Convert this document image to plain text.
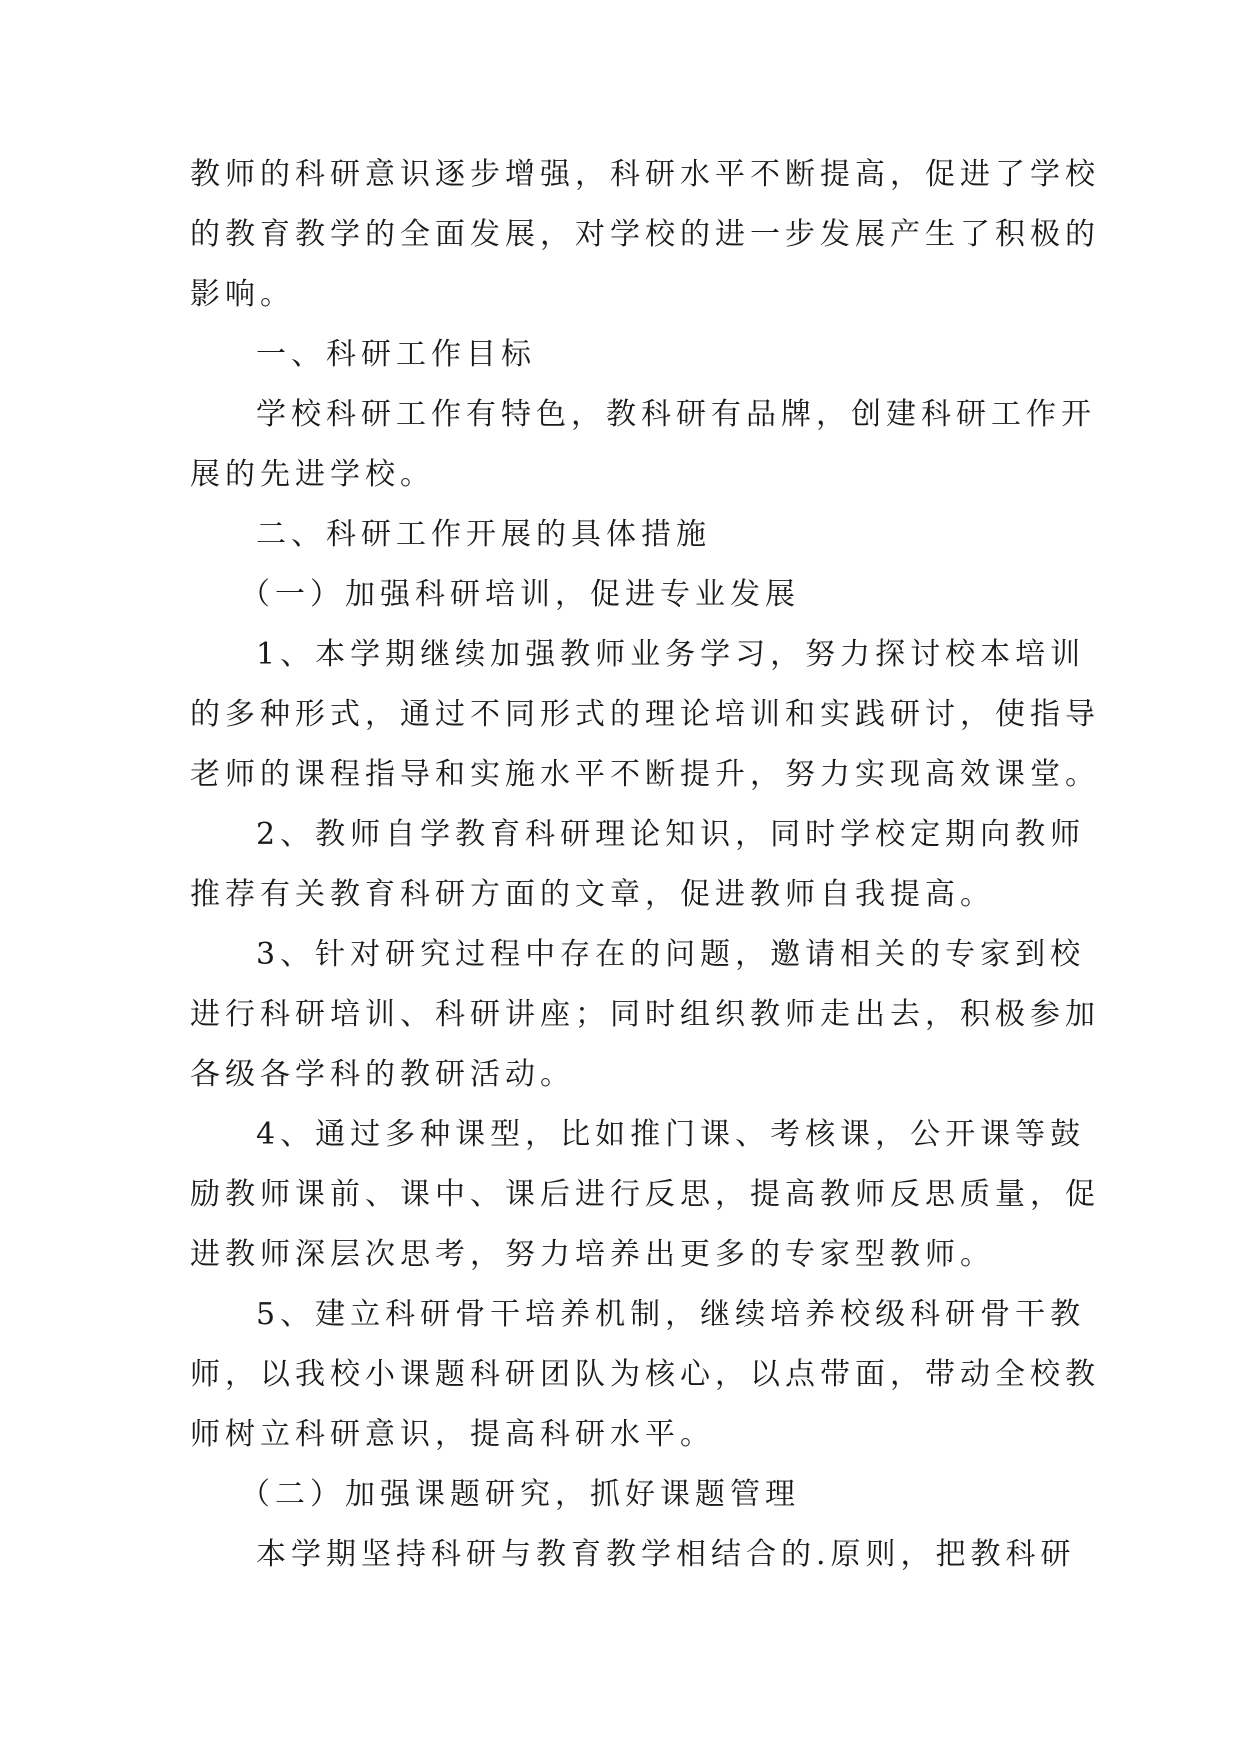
教师的科研意识逐步增强，科研水平不断提高，促进了学校
的教育教学的全面发展，对学校的进一步发展产生了积极的
影响。
一、科研工作目标
学校科研工作有特色，教科研有品牌，创建科研工作开
展的先进学校。
二、科研工作开展的具体措施
（一）加强科研培训，促进专业发展
1、本学期继续加强教师业务学习，努力探讨校本培训
的多种形式，通过不同形式的理论培训和实践研讨，使指导
老师的课程指导和实施水平不断提升，努力实现高效课堂。
2、教师自学教育科研理论知识，同时学校定期向教师
推荐有关教育科研方面的文章，促进教师自我提高。
3、针对研究过程中存在的问题，邀请相关的专家到校
进行科研培训、科研讲座；同时组织教师走出去，积极参加
各级各学科的教研活动。
4、通过多种课型，比如推门课、考核课，公开课等鼓
励教师课前、课中、课后进行反思，提高教师反思质量，促
进教师深层次思考，努力培养出更多的专家型教师。
5、建立科研骨干培养机制，继续培养校级科研骨干教
师，以我校小课题科研团队为核心，以点带面，带动全校教
师树立科研意识，提高科研水平。
（二）加强课题研究，抓好课题管理
本学期坚持科研与教育教学相结合的.原则，把教科研
